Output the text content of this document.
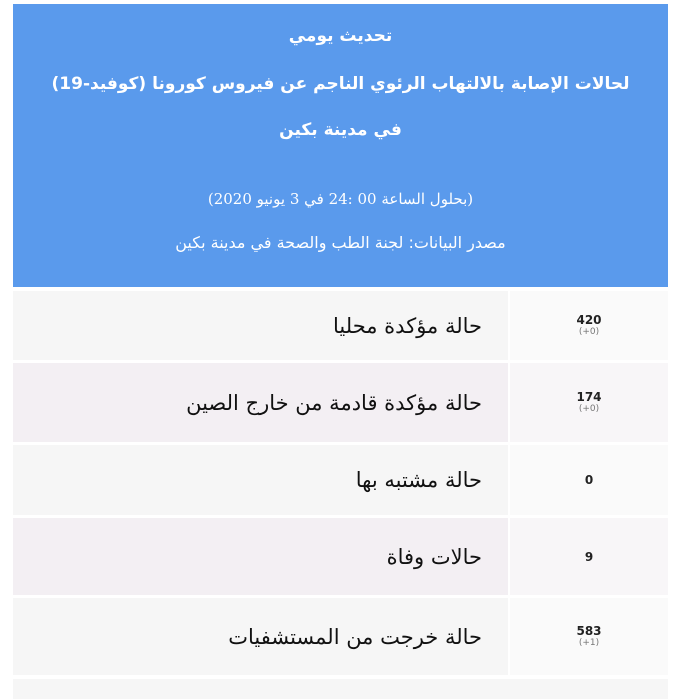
تحديث يومي
لحالات الإصابة بالالتهاب الرئوي الناجم عن فيروس كورونا (كوفيد-19)
في مدينة بكين
(بحلول الساعة 00 :24 في 3 يونيو 2020)
مصدر البيانات: لجنة الطب والصحة في مدينة بكين
حالة مؤكدة محليا	420
(+0)
حالة مؤكدة قادمة من خارج الصين	174
(+0)
حالة مشتبه بها	0
حالات وفاة	9
حالة خرجت من المستشفيات	583
(+1)
